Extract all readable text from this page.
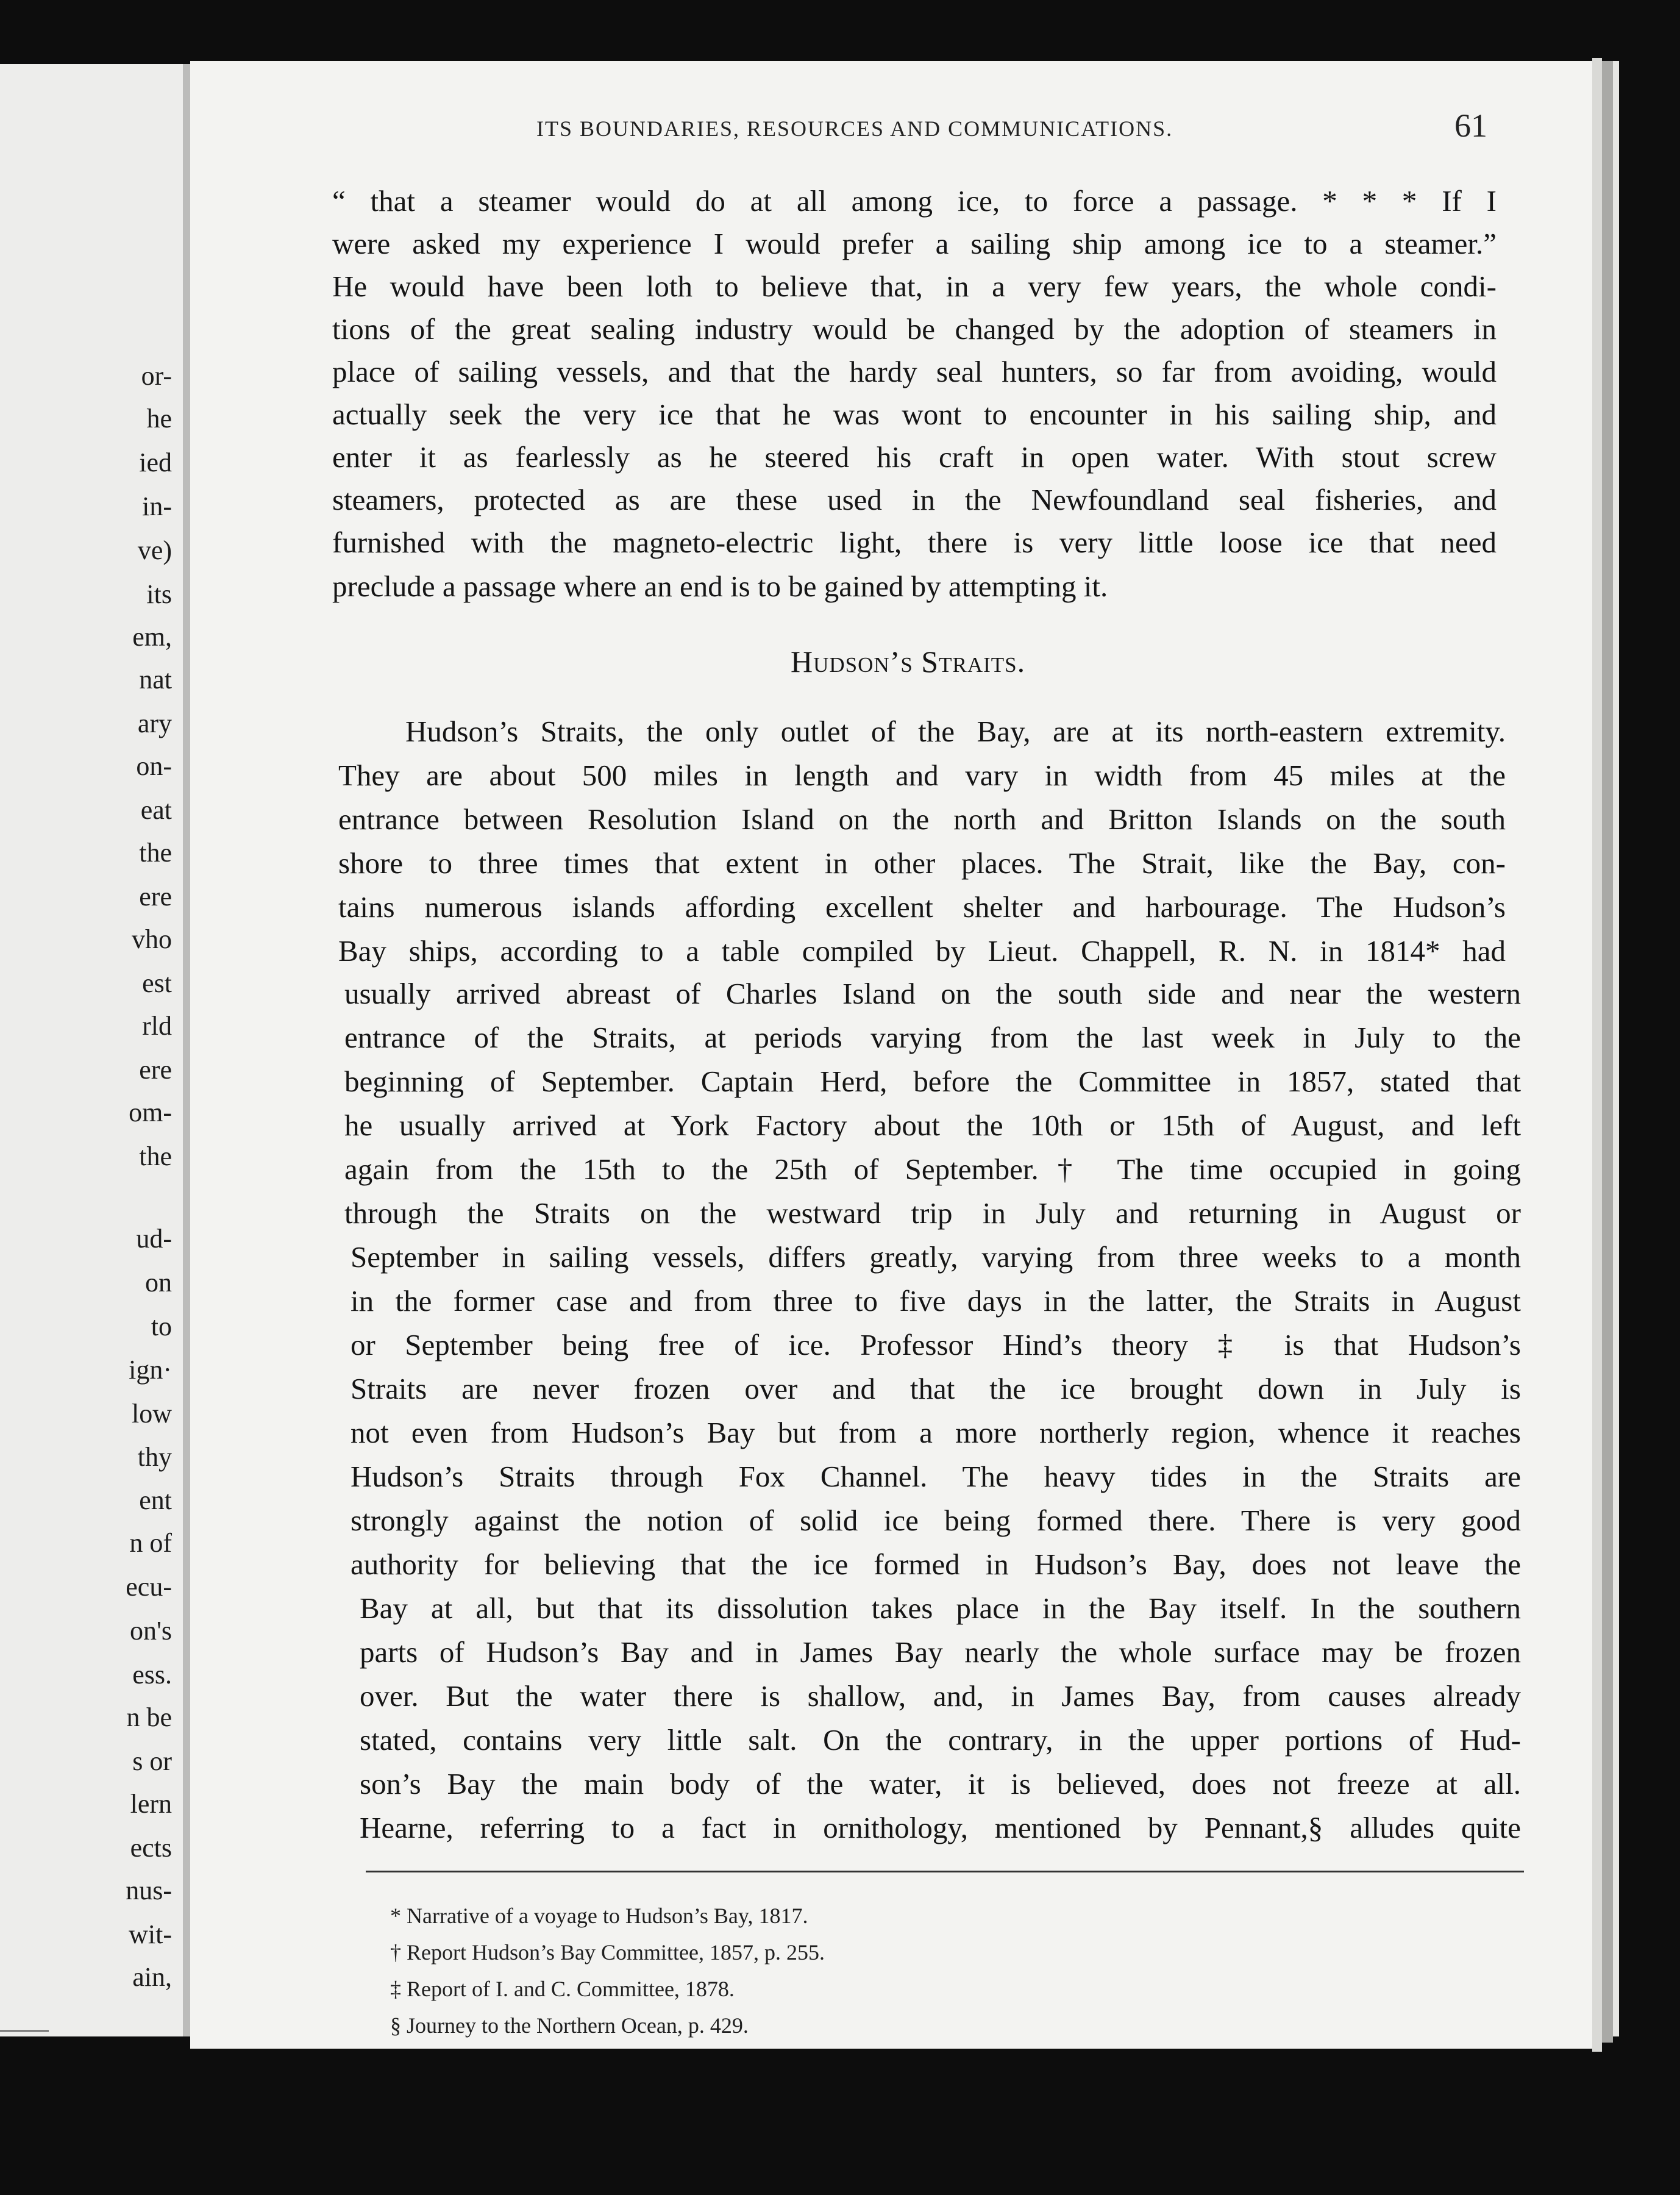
or-
he
ied
in-
ve)
its
em,
nat
ary
on-
eat
the
ere
vho
est
rld
ere
om-
the
ud-
on
to
ign·
low
thy
ent
n of
ecu-
on's
ess.
n be
s or
lern
ects
nus-
wit-
ain,
ITS BOUNDARIES, RESOURCES AND COMMUNICATIONS.	61
“ that a steamer would do at all among ice, to force a passage. * * * If I
were asked my experience I would prefer a sailing ship among ice to a steamer.”
He would have been loth to believe that, in a very few years, the whole condi-
tions of the great sealing industry would be changed by the adoption of steamers in
place of sailing vessels, and that the hardy seal hunters, so far from avoiding, would
actually seek the very ice that he was wont to encounter in his sailing ship, and
enter it as fearlessly as he steered his craft in open water. With stout screw
steamers, protected as are these used in the Newfoundland seal fisheries, and
furnished with the magneto-electric light, there is very little loose ice that need
preclude a passage where an end is to be gained by attempting it.
Hudson’s Straits.
Hudson’s Straits, the only outlet of the Bay, are at its north-eastern extremity.
They are about 500 miles in length and vary in width from 45 miles at the
entrance between Resolution Island on the north and Britton Islands on the south
shore to three times that extent in other places. The Strait, like the Bay, con-
tains numerous islands affording excellent shelter and harbourage. The Hudson’s
Bay ships, according to a table compiled by Lieut. Chappell, R. N. in 1814* had
usually arrived abreast of Charles Island on the south side and near the western
entrance of the Straits, at periods varying from the last week in July to the
beginning of September. Captain Herd, before the Committee in 1857, stated that
he usually arrived at York Factory about the 10th or 15th of August, and left
again from the 15th to the 25th of September.† The time occupied in going
through the Straits on the westward trip in July and returning in August or
September in sailing vessels, differs greatly, varying from three weeks to a month
in the former case and from three to five days in the latter, the Straits in August
or September being free of ice. Professor Hind’s theory ‡ is that Hudson’s
Straits are never frozen over and that the ice brought down in July is
not even from Hudson’s Bay but from a more northerly region, whence it reaches
Hudson’s Straits through Fox Channel. The heavy tides in the Straits are
strongly against the notion of solid ice being formed there. There is very good
authority for believing that the ice formed in Hudson’s Bay, does not leave the
Bay at all, but that its dissolution takes place in the Bay itself. In the southern
parts of Hudson’s Bay and in James Bay nearly the whole surface may be frozen
over. But the water there is shallow, and, in James Bay, from causes already
stated, contains very little salt. On the contrary, in the upper portions of Hud-
son’s Bay the main body of the water, it is believed, does not freeze at all.
Hearne, referring to a fact in ornithology, mentioned by Pennant,§ alludes quite
* Narrative of a voyage to Hudson’s Bay, 1817.
† Report Hudson’s Bay Committee, 1857, p. 255.
‡ Report of I. and C. Committee, 1878.
§ Journey to the Northern Ocean, p. 429.
